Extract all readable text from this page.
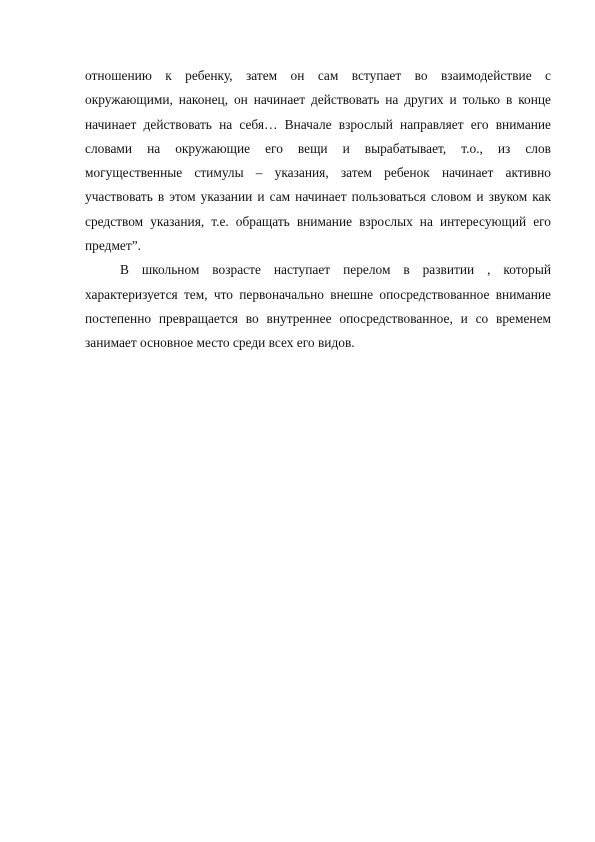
отношению к ребенку, затем он сам вступает во взаимодействие с
окружающими, наконец, он начинает действовать на других и только в конце
начинает действовать на себя… Вначале взрослый направляет его внимание
словами на окружающие его вещи и вырабатывает, т.о., из слов
могущественные стимулы – указания, затем ребенок начинает активно
участвовать в этом указании и сам начинает пользоваться словом и звуком как
средством указания, т.е. обращать внимание взрослых на интересующий его
предмет”.
В школьном возрасте наступает перелом в развитии , который
характеризуется тем, что первоначально внешне опосредствованное внимание
постепенно превращается во внутреннее опосредствованное, и со временем
занимает основное место среди всех его видов.
